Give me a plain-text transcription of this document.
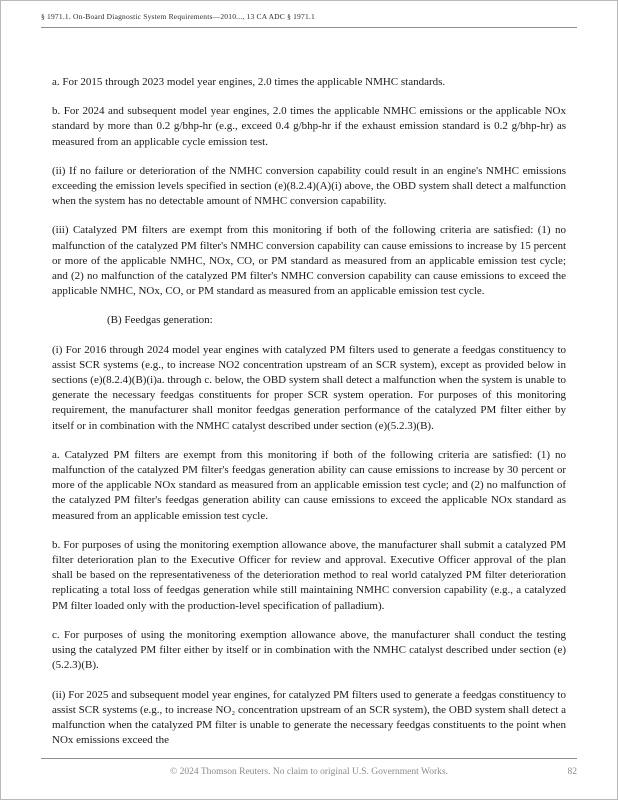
§ 1971.1. On-Board Diagnostic System Requirements—2010..., 13 CA ADC § 1971.1

a. For 2015 through 2023 model year engines, 2.0 times the applicable NMHC standards.

b. For 2024 and subsequent model year engines, 2.0 times the applicable NMHC emissions or the applicable NOx standard by more than 0.2 g/bhp-hr (e.g., exceed 0.4 g/bhp-hr if the exhaust emission standard is 0.2 g/bhp-hr) as measured from an applicable cycle emission test.

(ii) If no failure or deterioration of the NMHC conversion capability could result in an engine's NMHC emissions exceeding the emission levels specified in section (e)(8.2.4)(A)(i) above, the OBD system shall detect a malfunction when the system has no detectable amount of NMHC conversion capability.

(iii) Catalyzed PM filters are exempt from this monitoring if both of the following criteria are satisfied: (1) no malfunction of the catalyzed PM filter's NMHC conversion capability can cause emissions to increase by 15 percent or more of the applicable NMHC, NOx, CO, or PM standard as measured from an applicable emission test cycle; and (2) no malfunction of the catalyzed PM filter's NMHC conversion capability can cause emissions to exceed the applicable NMHC, NOx, CO, or PM standard as measured from an applicable emission test cycle.

(B) Feedgas generation:

(i) For 2016 through 2024 model year engines with catalyzed PM filters used to generate a feedgas constituency to assist SCR systems (e.g., to increase NO2 concentration upstream of an SCR system), except as provided below in sections (e)(8.2.4)(B)(i)a. through c. below, the OBD system shall detect a malfunction when the system is unable to generate the necessary feedgas constituents for proper SCR system operation. For purposes of this monitoring requirement, the manufacturer shall monitor feedgas generation performance of the catalyzed PM filter either by itself or in combination with the NMHC catalyst described under section (e)(5.2.3)(B).

a. Catalyzed PM filters are exempt from this monitoring if both of the following criteria are satisfied: (1) no malfunction of the catalyzed PM filter's feedgas generation ability can cause emissions to increase by 30 percent or more of the applicable NOx standard as measured from an applicable emission test cycle; and (2) no malfunction of the catalyzed PM filter's feedgas generation ability can cause emissions to exceed the applicable NOx standard as measured from an applicable emission test cycle.

b. For purposes of using the monitoring exemption allowance above, the manufacturer shall submit a catalyzed PM filter deterioration plan to the Executive Officer for review and approval. Executive Officer approval of the plan shall be based on the representativeness of the deterioration method to real world catalyzed PM filter deterioration replicating a total loss of feedgas generation while still maintaining NMHC conversion capability (e.g., a catalyzed PM filter loaded only with the production-level specification of palladium).

c. For purposes of using the monitoring exemption allowance above, the manufacturer shall conduct the testing using the catalyzed PM filter either by itself or in combination with the NMHC catalyst described under section (e)(5.2.3)(B).

(ii) For 2025 and subsequent model year engines, for catalyzed PM filters used to generate a feedgas constituency to assist SCR systems (e.g., to increase NO₂ concentration upstream of an SCR system), the OBD system shall detect a malfunction when the catalyzed PM filter is unable to generate the necessary feedgas constituents to the point when NOx emissions exceed the

© 2024 Thomson Reuters. No claim to original U.S. Government Works.	82
